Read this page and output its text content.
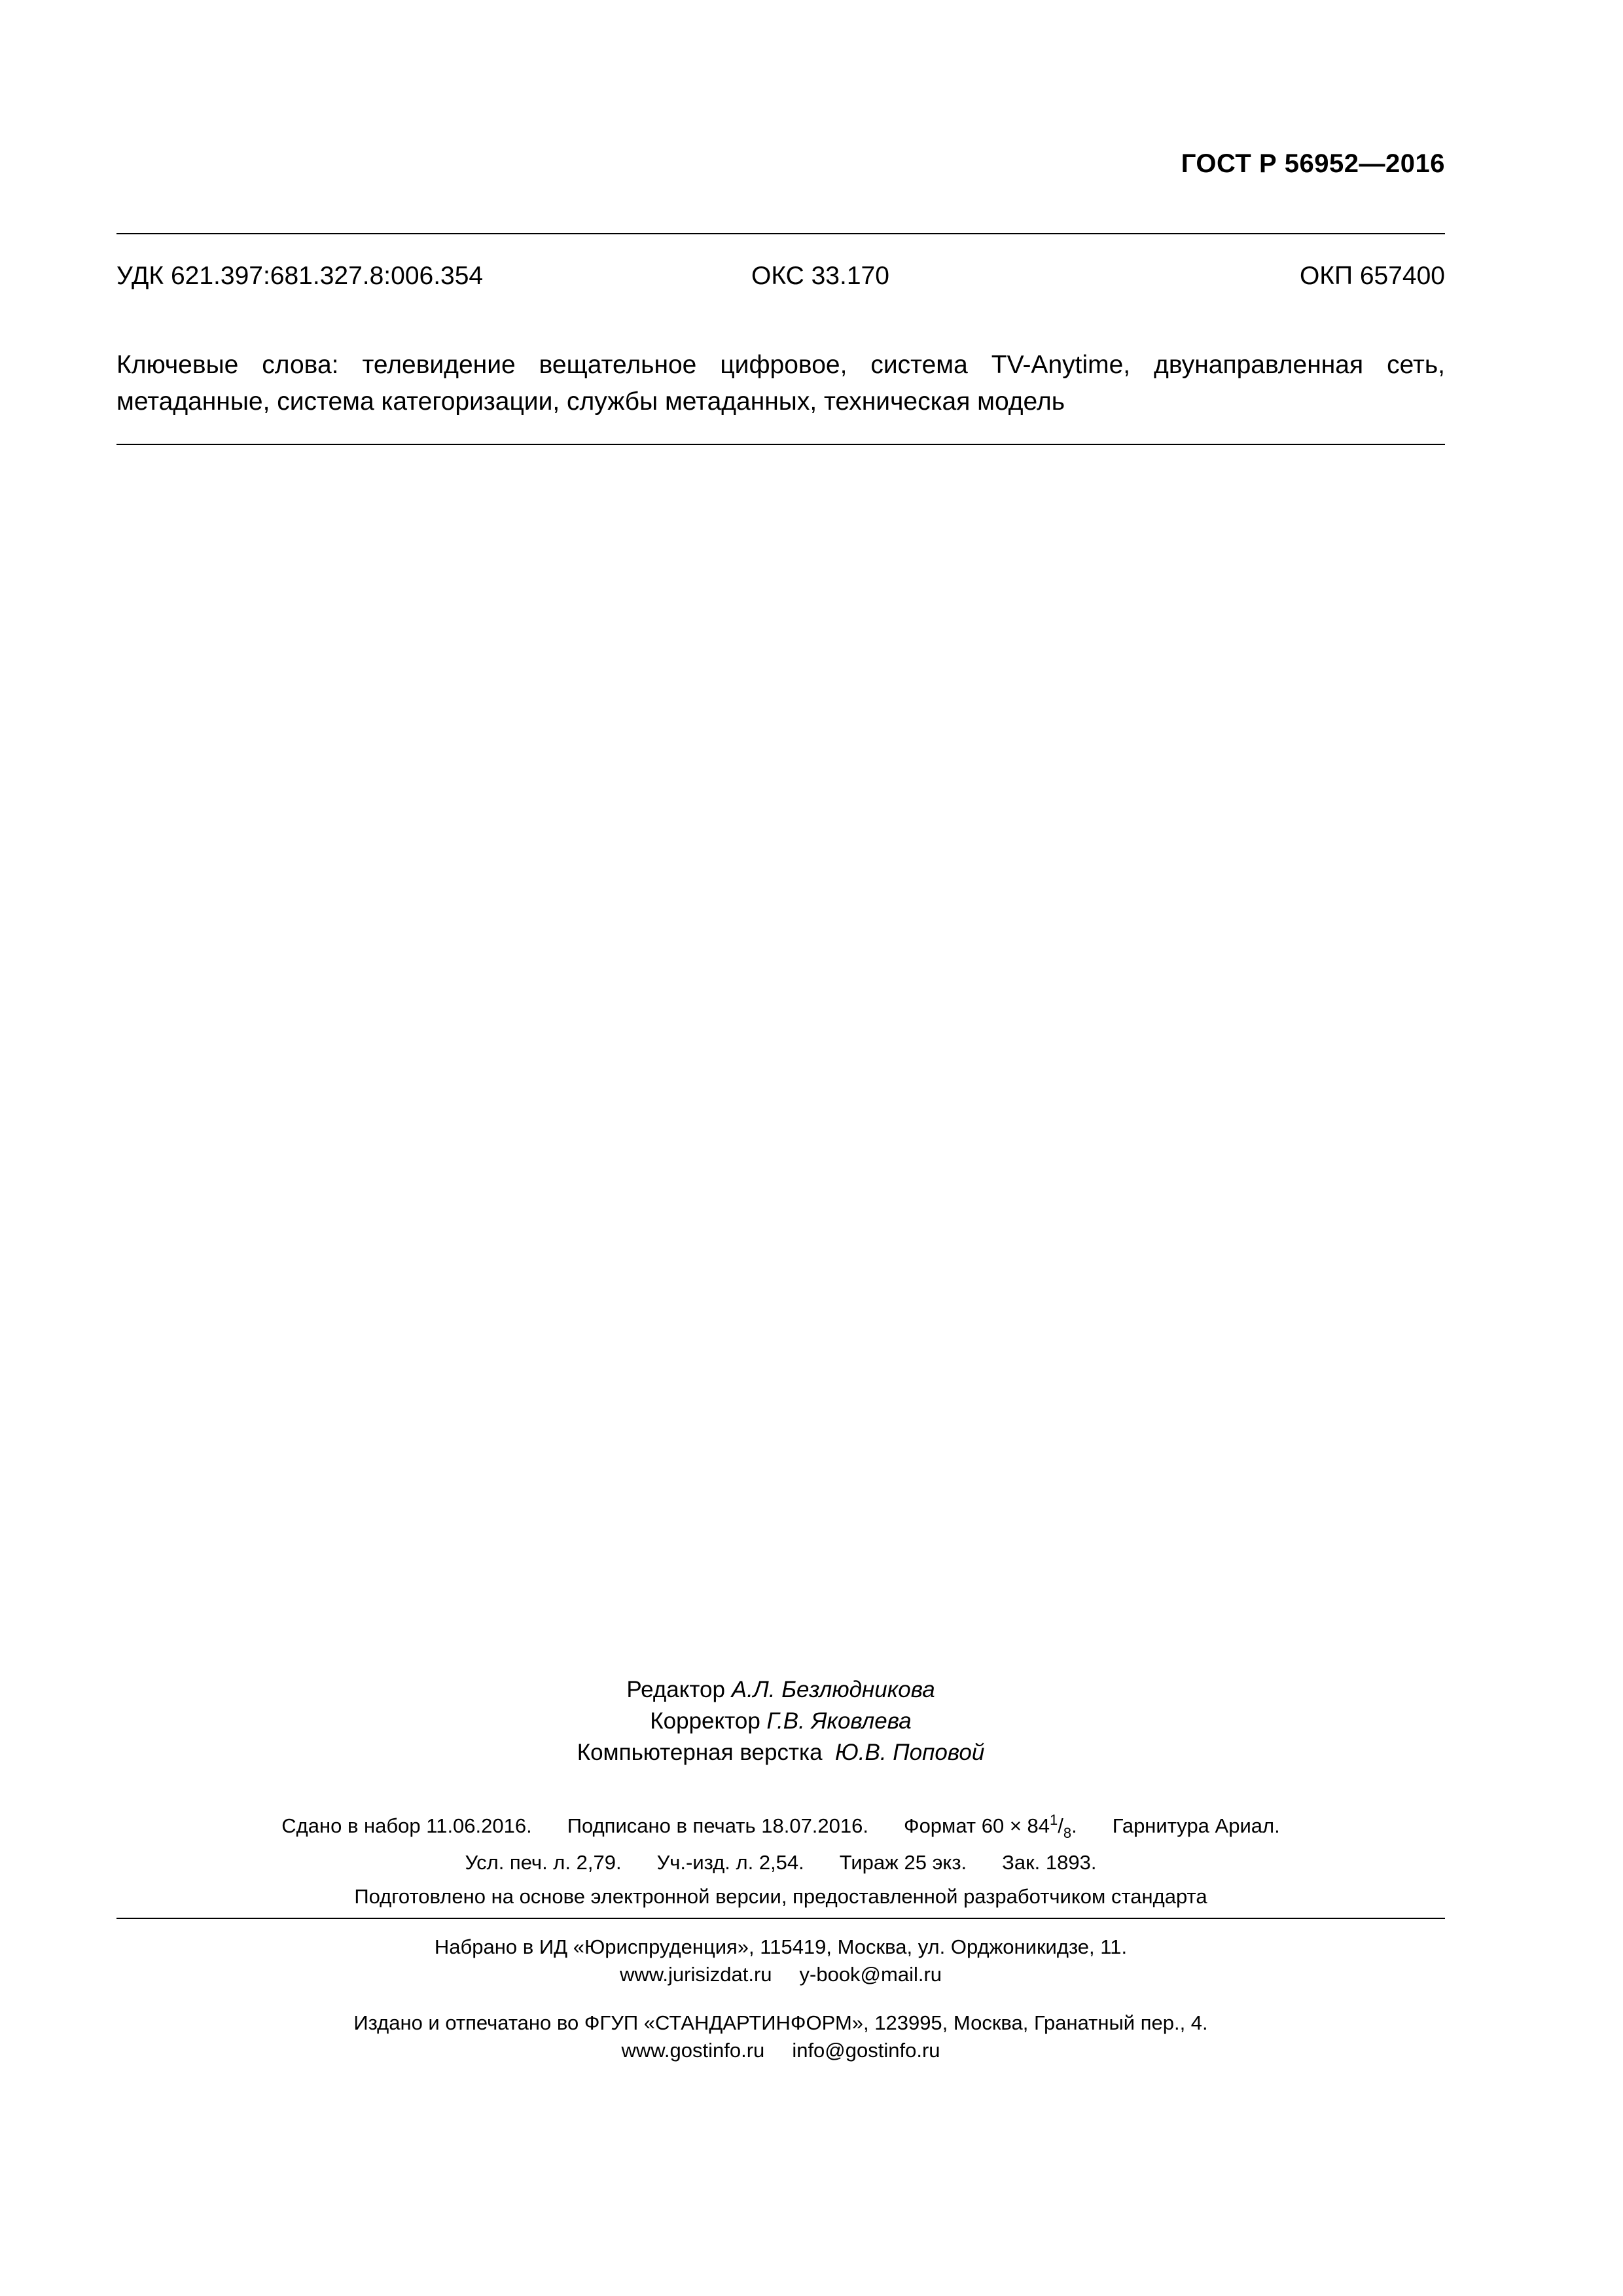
ГОСТ Р 56952—2016
УДК 621.397:681.327.8:006.354	ОКС 33.170	ОКП 657400
Ключевые слова: телевидение вещательное цифровое, система TV-Anytime, двунаправленная сеть, метаданные, система категоризации, службы метаданных, техническая модель
Редактор А.Л. Безлюдникова
Корректор Г.В. Яковлева
Компьютерная верстка Ю.В. Поповой
Сдано в набор 11.06.2016. Подписано в печать 18.07.2016. Формат $60 \times 84^1/_8$. Гарнитура Ариал.
Усл. печ. л. 2,79. Уч.-изд. л. 2,54. Тираж 25 экз. Зак. 1893.
Подготовлено на основе электронной версии, предоставленной разработчиком стандарта
Набрано в ИД «Юриспруденция», 115419, Москва, ул. Орджоникидзе, 11.
www.jurisizdat.ru y-book@mail.ru
Издано и отпечатано во ФГУП «СТАНДАРТИНФОРМ», 123995, Москва, Гранатный пер., 4.
www.gostinfo.ru info@gostinfo.ru
